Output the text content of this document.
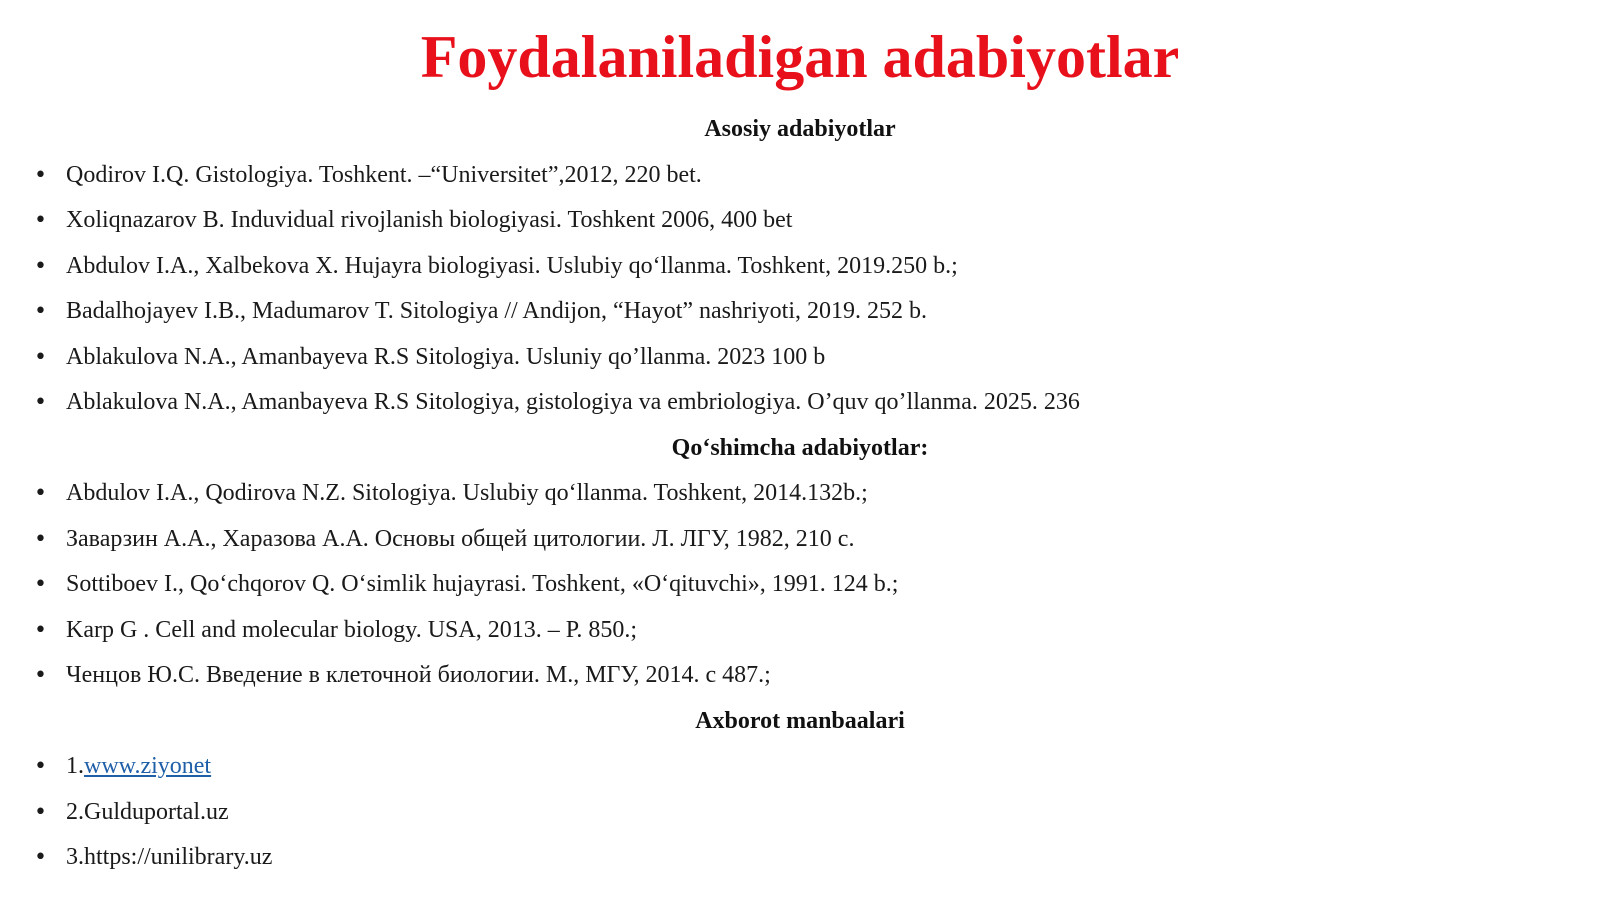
Foydalaniladigan adabiyotlar
Asosiy adabiyotlar
• Qodirov I.Q. Gistologiya. Toshkent. –“Universitet”,2012, 220 bet.
• Xoliqnazarov B. Induvidual rivojlanish biologiyasi. Toshkent 2006, 400 bet
• Abdulov I.A., Xalbekova X. Hujayra biologiyasi. Uslubiy qo‘llanma. Toshkent, 2019.250 b.;
• Badalhojayev I.B., Madumarov T. Sitologiya // Andijon, “Hayot” nashriyoti, 2019. 252 b.
• Ablakulova N.A., Amanbayeva R.S Sitologiya. Usluniy qo’llanma. 2023 100 b
• Ablakulova N.A., Amanbayeva R.S Sitologiya, gistologiya va embriologiya. O’quv qo’llanma. 2025. 236
Qo‘shimcha adabiyotlar:
• Abdulov I.A., Qodirova N.Z. Sitologiya. Uslubiy qo‘llanma. Toshkent, 2014.132b.;
• Заварзин А.А., Харазова А.А. Основы общей цитологии. Л. ЛГУ, 1982, 210 с.
• Sottiboev I., Qo‘chqorov Q. O‘simlik hujayrasi. Toshkent, «O‘qituvchi», 1991. 124 b.;
• Karp G . Cell and molecular biology. USA, 2013. – P. 850.;
• Ченцов Ю.С. Введение в клеточной биологии. М., МГУ, 2014. с 487.;
Axborot manbaalari
• 1.www.ziyonet
• 2.Gulduportal.uz
• 3.https://unilibrary.uz
